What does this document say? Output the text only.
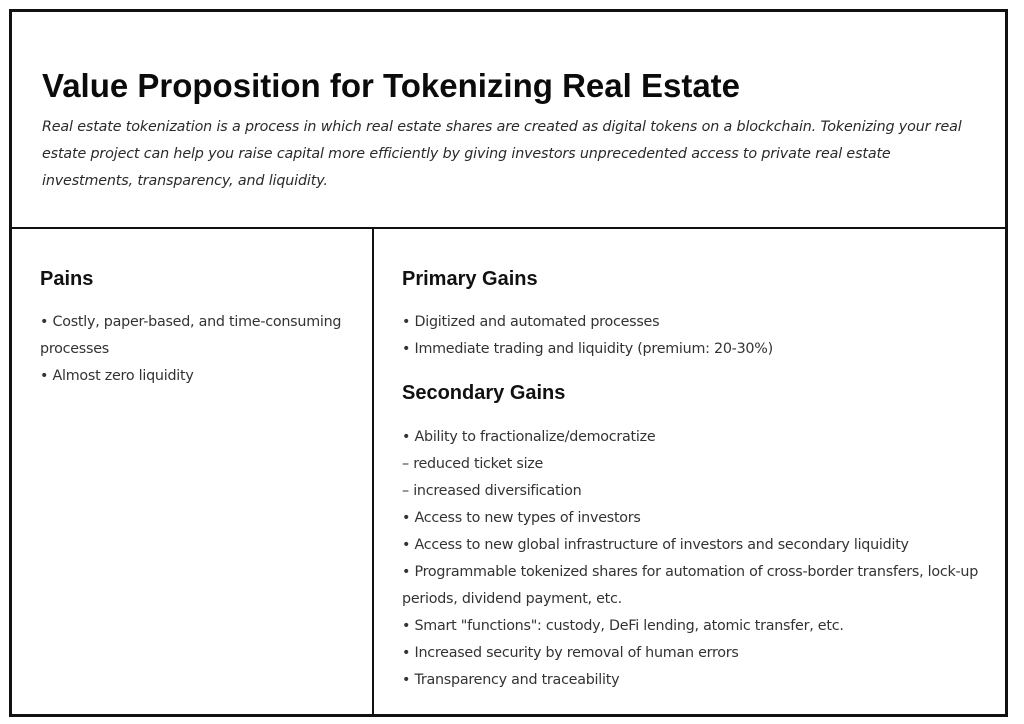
Value Proposition for Tokenizing Real Estate

Real estate tokenization is a process in which real estate shares are created as digital tokens on a blockchain. Tokenizing your real estate project can help you raise capital more efficiently by giving investors unprecedented access to private real estate investments, transparency, and liquidity.

Pains
• Costly, paper-based, and time-consuming processes
• Almost zero liquidity
Primary Gains
• Digitized and automated processes
• Immediate trading and liquidity (premium: 20-30%)
Secondary Gains
• Ability to fractionalize/democratize
– reduced ticket size
– increased diversification
• Access to new types of investors
• Access to new global infrastructure of investors and secondary liquidity
• Programmable tokenized shares for automation of cross-border transfers, lock-up periods, dividend payment, etc.
• Smart "functions": custody, DeFi lending, atomic transfer, etc.
• Increased security by removal of human errors
• Transparency and traceability
